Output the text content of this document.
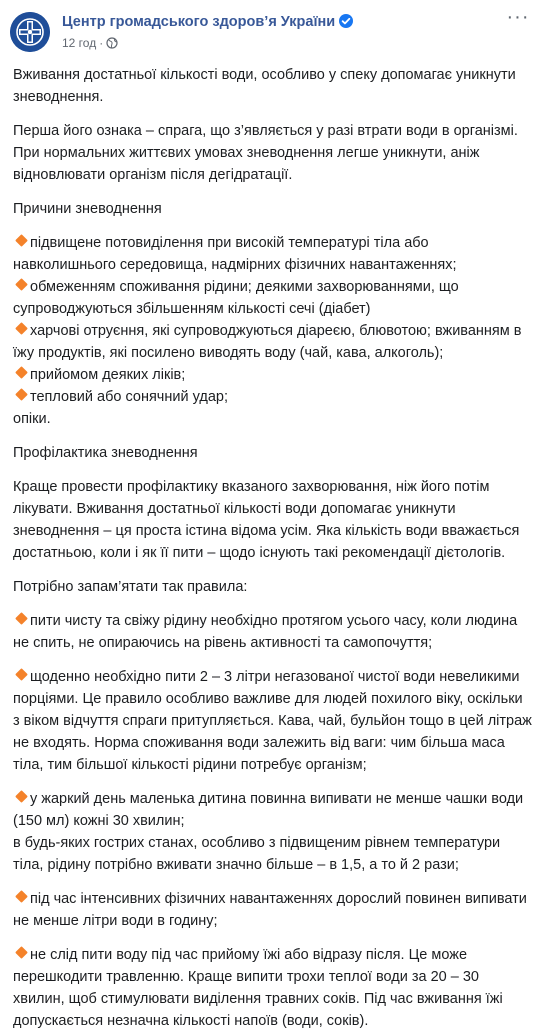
Центр громадського здоров’я України
12 год ·
···

Вживання достатньої кількості води, особливо у спеку допомагає уникнути зневоднення.

Перша його ознака – спрага, що з’являється у разі втрати води в організмі. При нормальних життєвих умовах зневоднення легше уникнути, аніж відновлювати організм після дегідратації.

Причини зневоднення

підвищене потовиділення при високій температурі тіла або навколишнього середовища, надмірних фізичних навантаженнях;
обмеженням споживання рідини; деякими захворюваннями, що супроводжуються збільшенням кількості сечі (діабет)
харчові отруєння, які супроводжуються діареєю, блювотою; вживанням в їжу продуктів, які посилено виводять воду (чай, кава, алкоголь);
прийомом деяких ліків;
тепловий або сонячний удар;

опіки.

Профілактика зневоднення

Краще провести профілактику вказаного захворювання, ніж його потім лікувати. Вживання достатньої кількості води допомагає уникнути зневоднення – ця проста істина відома усім. Яка кількість води вважається достатньою, коли і як її пити – щодо існують такі рекомендації дієтологів.

Потрібно запам’ятати так правила:

пити чисту та свіжу рідину необхідно протягом усього часу, коли людина не спить, не опираючись на рівень активності та самопочуття;

щоденно необхідно пити 2 – 3 літри негазованої чистої води невеликими порціями. Це правило особливо важливе для людей похилого віку, оскільки з віком відчуття спраги притупляється. Кава, чай, бульйон тощо в цей літраж не входять. Норма споживання води залежить від ваги: чим більша маса тіла, тим більшої кількості рідини потребує організм;

у жаркий день маленька дитина повинна випивати не менше чашки води (150 мл) кожні 30 хвилин;

в будь-яких гострих станах, особливо з підвищеним рівнем температури тіла, рідину потрібно вживати значно більше – в 1,5, а то й 2 рази;

під час інтенсивних фізичних навантаженнях дорослий повинен випивати не менше літри води в годину;

не слід пити воду під час прийому їжі або відразу після. Це може перешкодити травленню. Краще випити трохи теплої води за 20 – 30 хвилин, щоб стимулювати виділення травних соків. Під час вживання їжі допускається незначна кількості напоїв (води, соків).
